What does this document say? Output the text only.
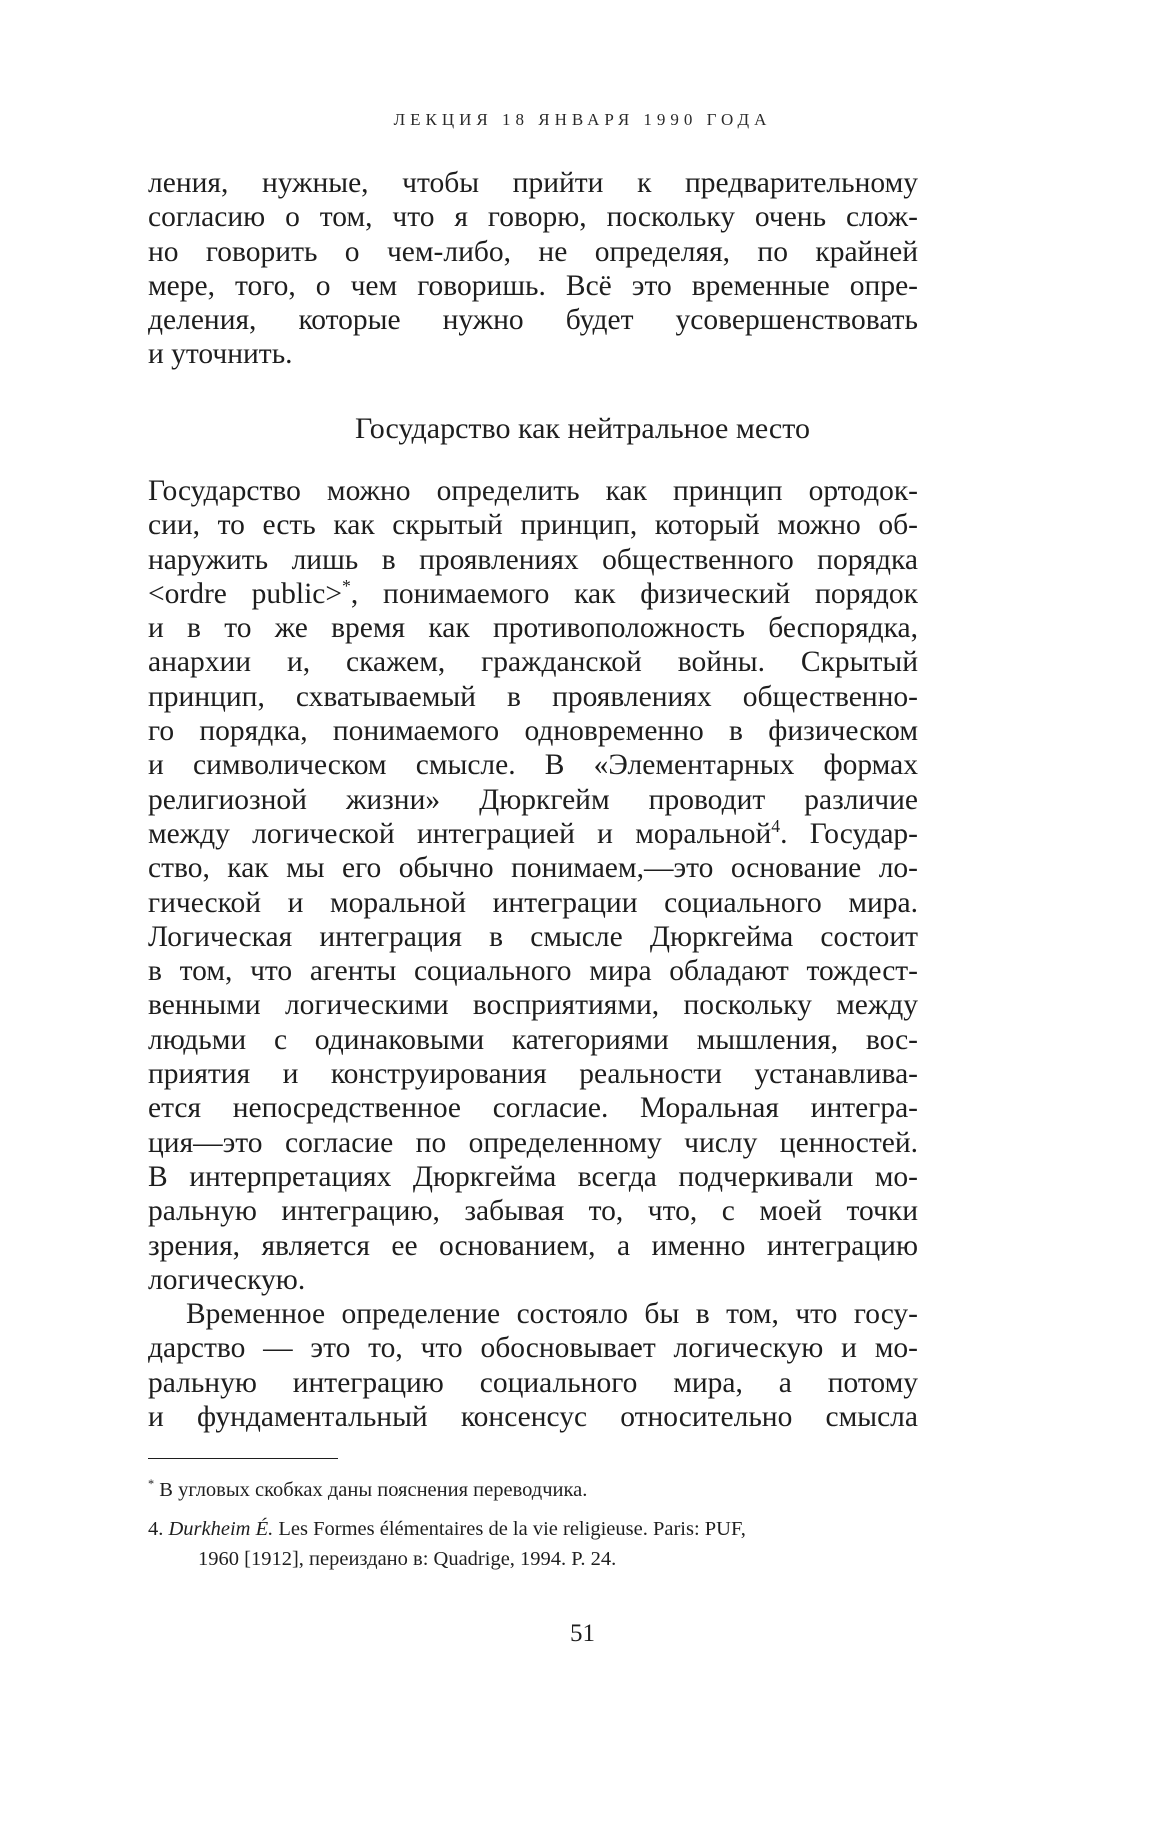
ЛЕКЦИЯ 18 ЯНВАРЯ 1990 ГОДА
ления, нужные, чтобы прийти к предварительному
согласию о том, что я говорю, поскольку очень слож-
но говорить о чем-либо, не определяя, по крайней
мере, того, о чем говоришь. Всё это временные опре-
деления, которые нужно будет усовершенствовать
и уточнить.
Государство как нейтральное место
Государство можно определить как принцип ортодок-
сии, то есть как скрытый принцип, который можно об-
наружить лишь в проявлениях общественного порядка
<ordre public>*, понимаемого как физический порядок
и в то же время как противоположность беспорядка,
анархии и, скажем, гражданской войны. Скрытый
принцип, схватываемый в проявлениях общественно-
го порядка, понимаемого одновременно в физическом
и символическом смысле. В «Элементарных формах
религиозной жизни» Дюркгейм проводит различие
между логической интеграцией и моральной$^4$. Государ-
ство, как мы его обычно понимаем,—это основание ло-
гической и моральной интеграции социального мира.
Логическая интеграция в смысле Дюркгейма состоит
в том, что агенты социального мира обладают тождест-
венными логическими восприятиями, поскольку между
людьми с одинаковыми категориями мышления, вос-
приятия и конструирования реальности устанавлива-
ется непосредственное согласие. Моральная интегра-
ция—это согласие по определенному числу ценностей.
В интерпретациях Дюркгейма всегда подчеркивали мо-
ральную интеграцию, забывая то, что, с моей точки
зрения, является ее основанием, а именно интеграцию
логическую.
Временное определение состояло бы в том, что госу-
дарство — это то, что обосновывает логическую и мо-
ральную интеграцию социального мира, а потому
и фундаментальный консенсус относительно смысла
* В угловых скобках даны пояснения переводчика.
4. Durkheim É. Les Formes élémentaires de la vie religieuse. Paris: PUF,
1960 [1912], переиздано в: Quadrige, 1994. P. 24.
51
